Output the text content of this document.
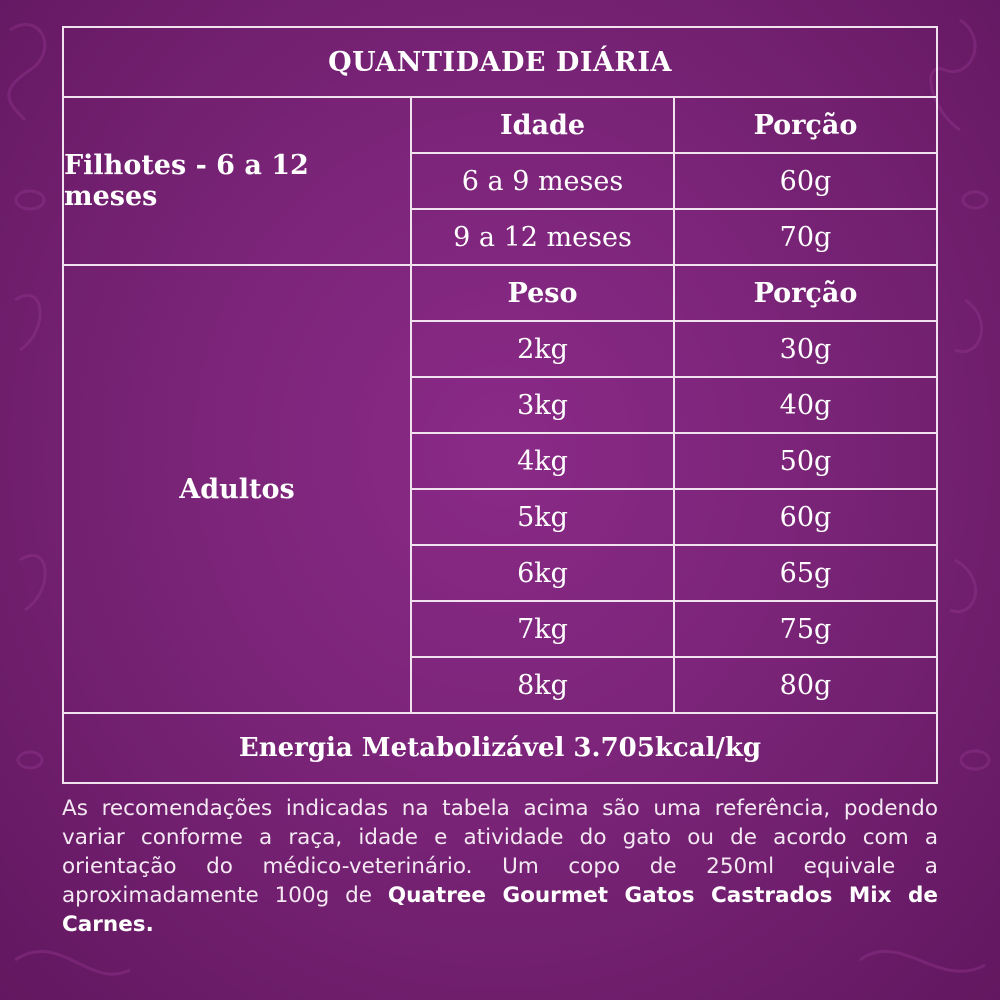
QUANTIDADE DIÁRIA
Filhotes - 6 a 12 meses
Idade	Porção
6 a 9 meses	60g
9 a 12 meses	70g
Adultos
Peso	Porção
2kg	30g
3kg	40g
4kg	50g
5kg	60g
6kg	65g
7kg	75g
8kg	80g
Energia Metabolizável 3.705kcal/kg
As recomendações indicadas na tabela acima são uma referência, podendo variar conforme a raça, idade e atividade do gato ou de acordo com a orientação do médico-veterinário. Um copo de 250ml equivale a aproximadamente 100g de Quatree Gourmet Gatos Castrados Mix de Carnes.
